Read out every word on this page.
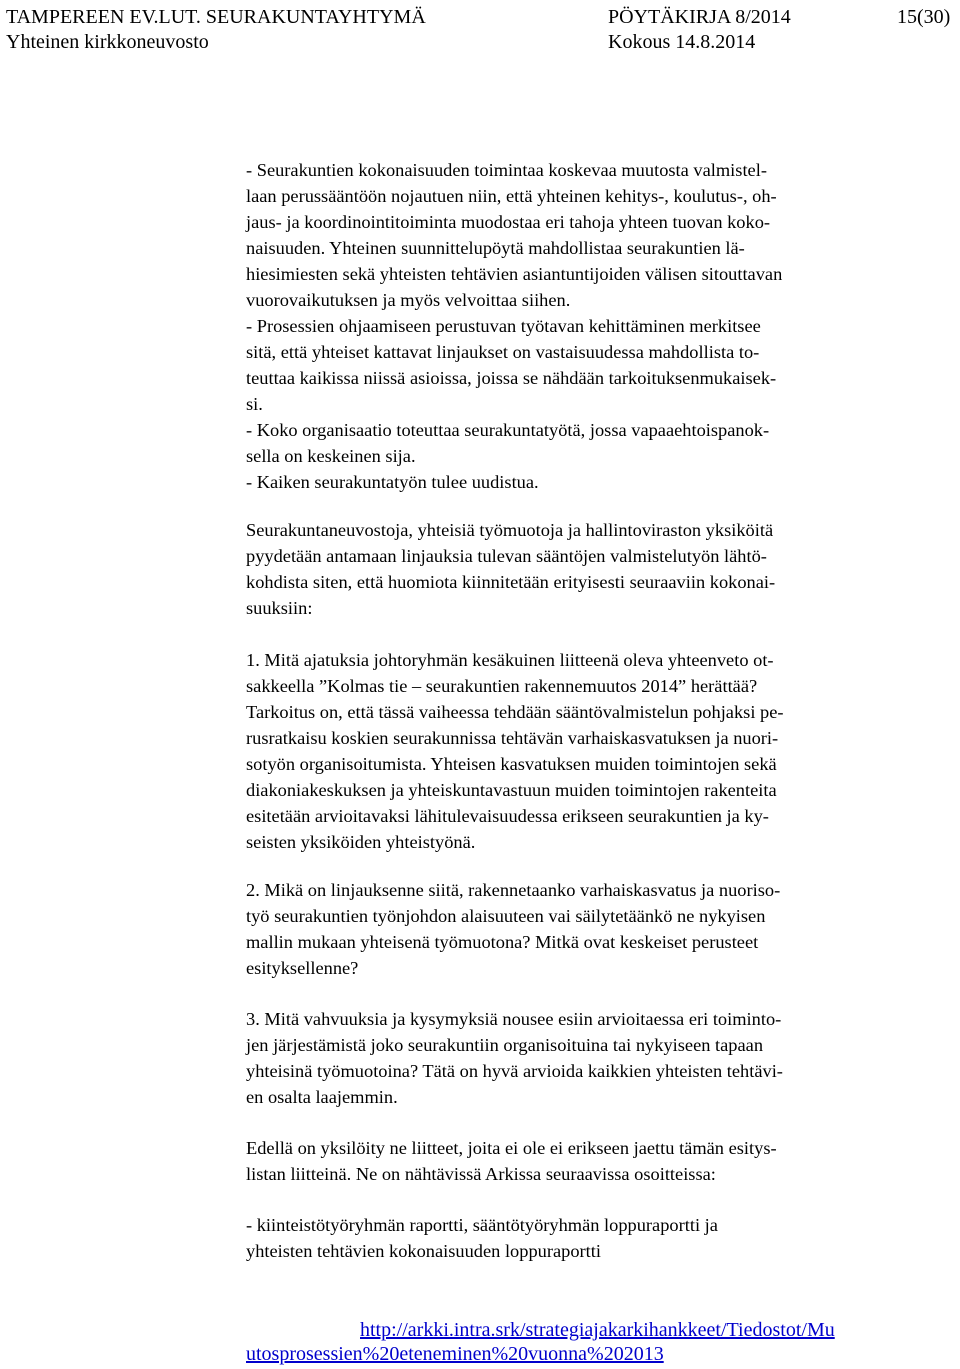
TAMPEREEN EV.LUT. SEURAKUNTAYHTYMÄ	PÖYTÄKIRJA 8/2014	15(30)
Yhteinen kirkkoneuvosto	Kokous 14.8.2014
- Seurakuntien kokonaisuuden toimintaa koskevaa muutosta valmistel-
laan perussääntöön nojautuen niin, että yhteinen kehitys-, koulutus-, oh-
jaus- ja koordinointitoiminta muodostaa eri tahoja yhteen tuovan koko-
naisuuden. Yhteinen suunnittelupöytä mahdollistaa seurakuntien lä-
hiesimiesten sekä yhteisten tehtävien asiantuntijoiden välisen sitouttavan
vuorovaikutuksen ja myös velvoittaa siihen.
- Prosessien ohjaamiseen perustuvan työtavan kehittäminen merkitsee
sitä, että yhteiset kattavat linjaukset on vastaisuudessa mahdollista to-
teuttaa kaikissa niissä asioissa, joissa se nähdään tarkoituksenmukaisek-
si.
- Koko organisaatio toteuttaa seurakuntatyötä, jossa vapaaehtoispanok-
sella on keskeinen sija.
- Kaiken seurakuntatyön tulee uudistua.
Seurakuntaneuvostoja, yhteisiä työmuotoja ja hallintoviraston yksiköitä
pyydetään antamaan linjauksia tulevan sääntöjen valmistelutyön lähtö-
kohdista siten, että huomiota kiinnitetään erityisesti seuraaviin kokonai-
suuksiin:
1. Mitä ajatuksia johtoryhmän kesäkuinen liitteenä oleva yhteenveto ot-
sakkeella ”Kolmas tie – seurakuntien rakennemuutos 2014” herättää?
Tarkoitus on, että tässä vaiheessa tehdään sääntövalmistelun pohjaksi pe-
rusratkaisu koskien seurakunnissa tehtävän varhaiskasvatuksen ja nuori-
sotyön organisoitumista. Yhteisen kasvatuksen muiden toimintojen sekä
diakoniakeskuksen ja yhteiskuntavastuun muiden toimintojen rakenteita
esitetään arvioitavaksi lähitulevaisuudessa erikseen seurakuntien ja ky-
seisten yksiköiden yhteistyönä.
2. Mikä on linjauksenne siitä, rakennetaanko varhaiskasvatus ja nuoriso-
työ seurakuntien työnjohdon alaisuuteen vai säilytetäänkö ne nykyisen
mallin mukaan yhteisenä työmuotona? Mitkä ovat keskeiset perusteet
esityksellenne?
3. Mitä vahvuuksia ja kysymyksiä nousee esiin arvioitaessa eri toiminto-
jen järjestämistä joko seurakuntiin organisoituina tai nykyiseen tapaan
yhteisinä työmuotoina? Tätä on hyvä arvioida kaikkien yhteisten tehtävi-
en osalta laajemmin.
Edellä on yksilöity ne liitteet, joita ei ole ei erikseen jaettu tämän esitys-
listan liitteinä. Ne on nähtävissä Arkissa seuraavissa osoitteissa:
- kiinteistötyöryhmän raportti, sääntötyöryhmän loppuraportti ja
yhteisten tehtävien kokonaisuuden loppuraportti
http://arkki.intra.srk/strategiajakarkihankkeet/Tiedostot/Mu
utosprosessien%20eteneminen%20vuonna%202013
